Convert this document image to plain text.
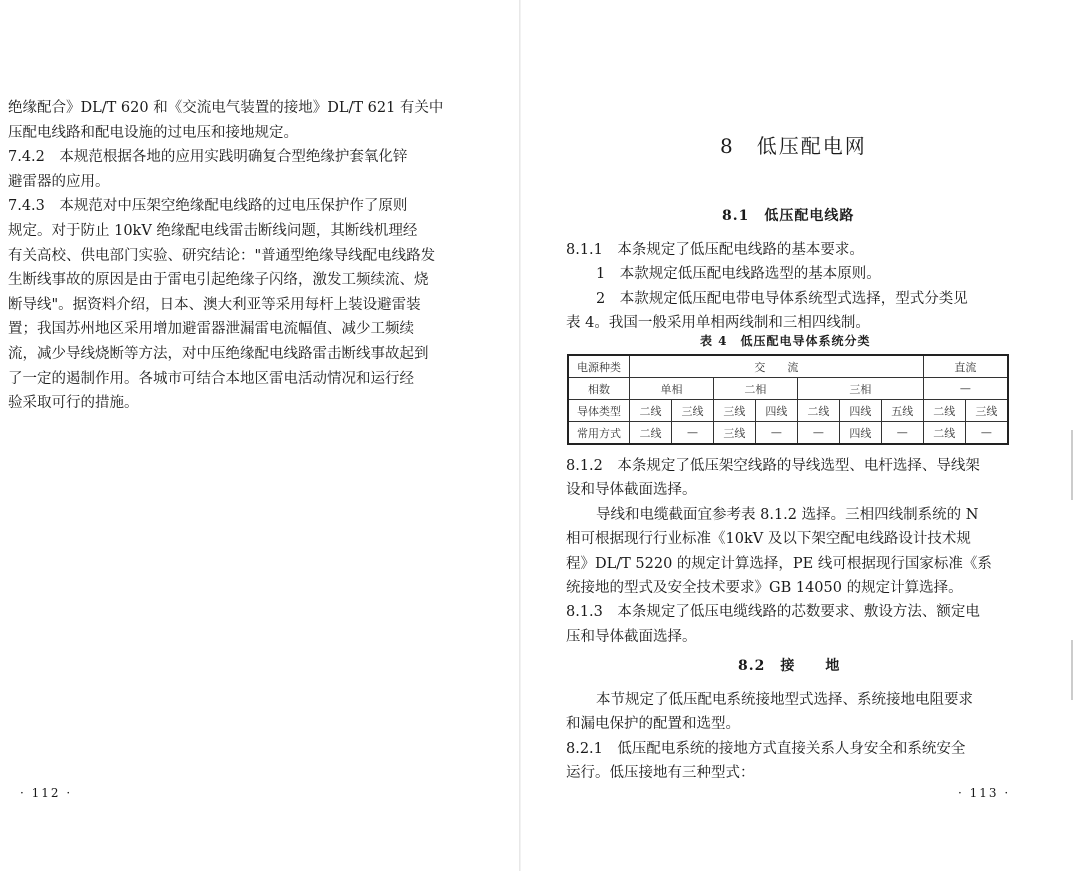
绝缘配合》DL/T 620 和《交流电气装置的接地》DL/T 621 有关中
压配电线路和配电设施的过电压和接地规定。
7.4.2　本规范根据各地的应用实践明确复合型绝缘护套氧化锌
避雷器的应用。
7.4.3　本规范对中压架空绝缘配电线路的过电压保护作了原则
规定。对于防止 10kV 绝缘配电线雷击断线问题，其断线机理经
有关高校、供电部门实验、研究结论："普通型绝缘导线配电线路发
生断线事故的原因是由于雷电引起绝缘子闪络，激发工频续流、烧
断导线"。据资料介绍，日本、澳大利亚等采用每杆上装设避雷装
置；我国苏州地区采用增加避雷器泄漏雷电流幅值、减少工频续
流，减少导线烧断等方法，对中压绝缘配电线路雷击断线事故起到
了一定的遏制作用。各城市可结合本地区雷电活动情况和运行经
验采取可行的措施。
· 112 ·
8　低压配电网
8.1　低压配电线路
8.1.1　本条规定了低压配电线路的基本要求。
1　本款规定低压配电线路选型的基本原则。
2　本款规定低压配电带电导体系统型式选择，型式分类见
表 4。我国一般采用单相两线制和三相四线制。
表 4　低压配电导体系统分类
电源种类	交　　流							直流	
相数	单相		二相		三相			—	
导体类型	二线	三线	三线	四线	二线	四线	五线	二线	三线
常用方式	二线	—	三线	—	—	四线	—	二线	—
8.1.2　本条规定了低压架空线路的导线选型、电杆选择、导线架
设和导体截面选择。
导线和电缆截面宜参考表 8.1.2 选择。三相四线制系统的 N
相可根据现行行业标准《10kV 及以下架空配电线路设计技术规
程》DL/T 5220 的规定计算选择，PE 线可根据现行国家标准《系
统接地的型式及安全技术要求》GB 14050 的规定计算选择。
8.1.3　本条规定了低压电缆线路的芯数要求、敷设方法、额定电
压和导体截面选择。
8.2　接　　地
本节规定了低压配电系统接地型式选择、系统接地电阻要求
和漏电保护的配置和选型。
8.2.1　低压配电系统的接地方式直接关系人身安全和系统安全
运行。低压接地有三种型式：
· 113 ·
